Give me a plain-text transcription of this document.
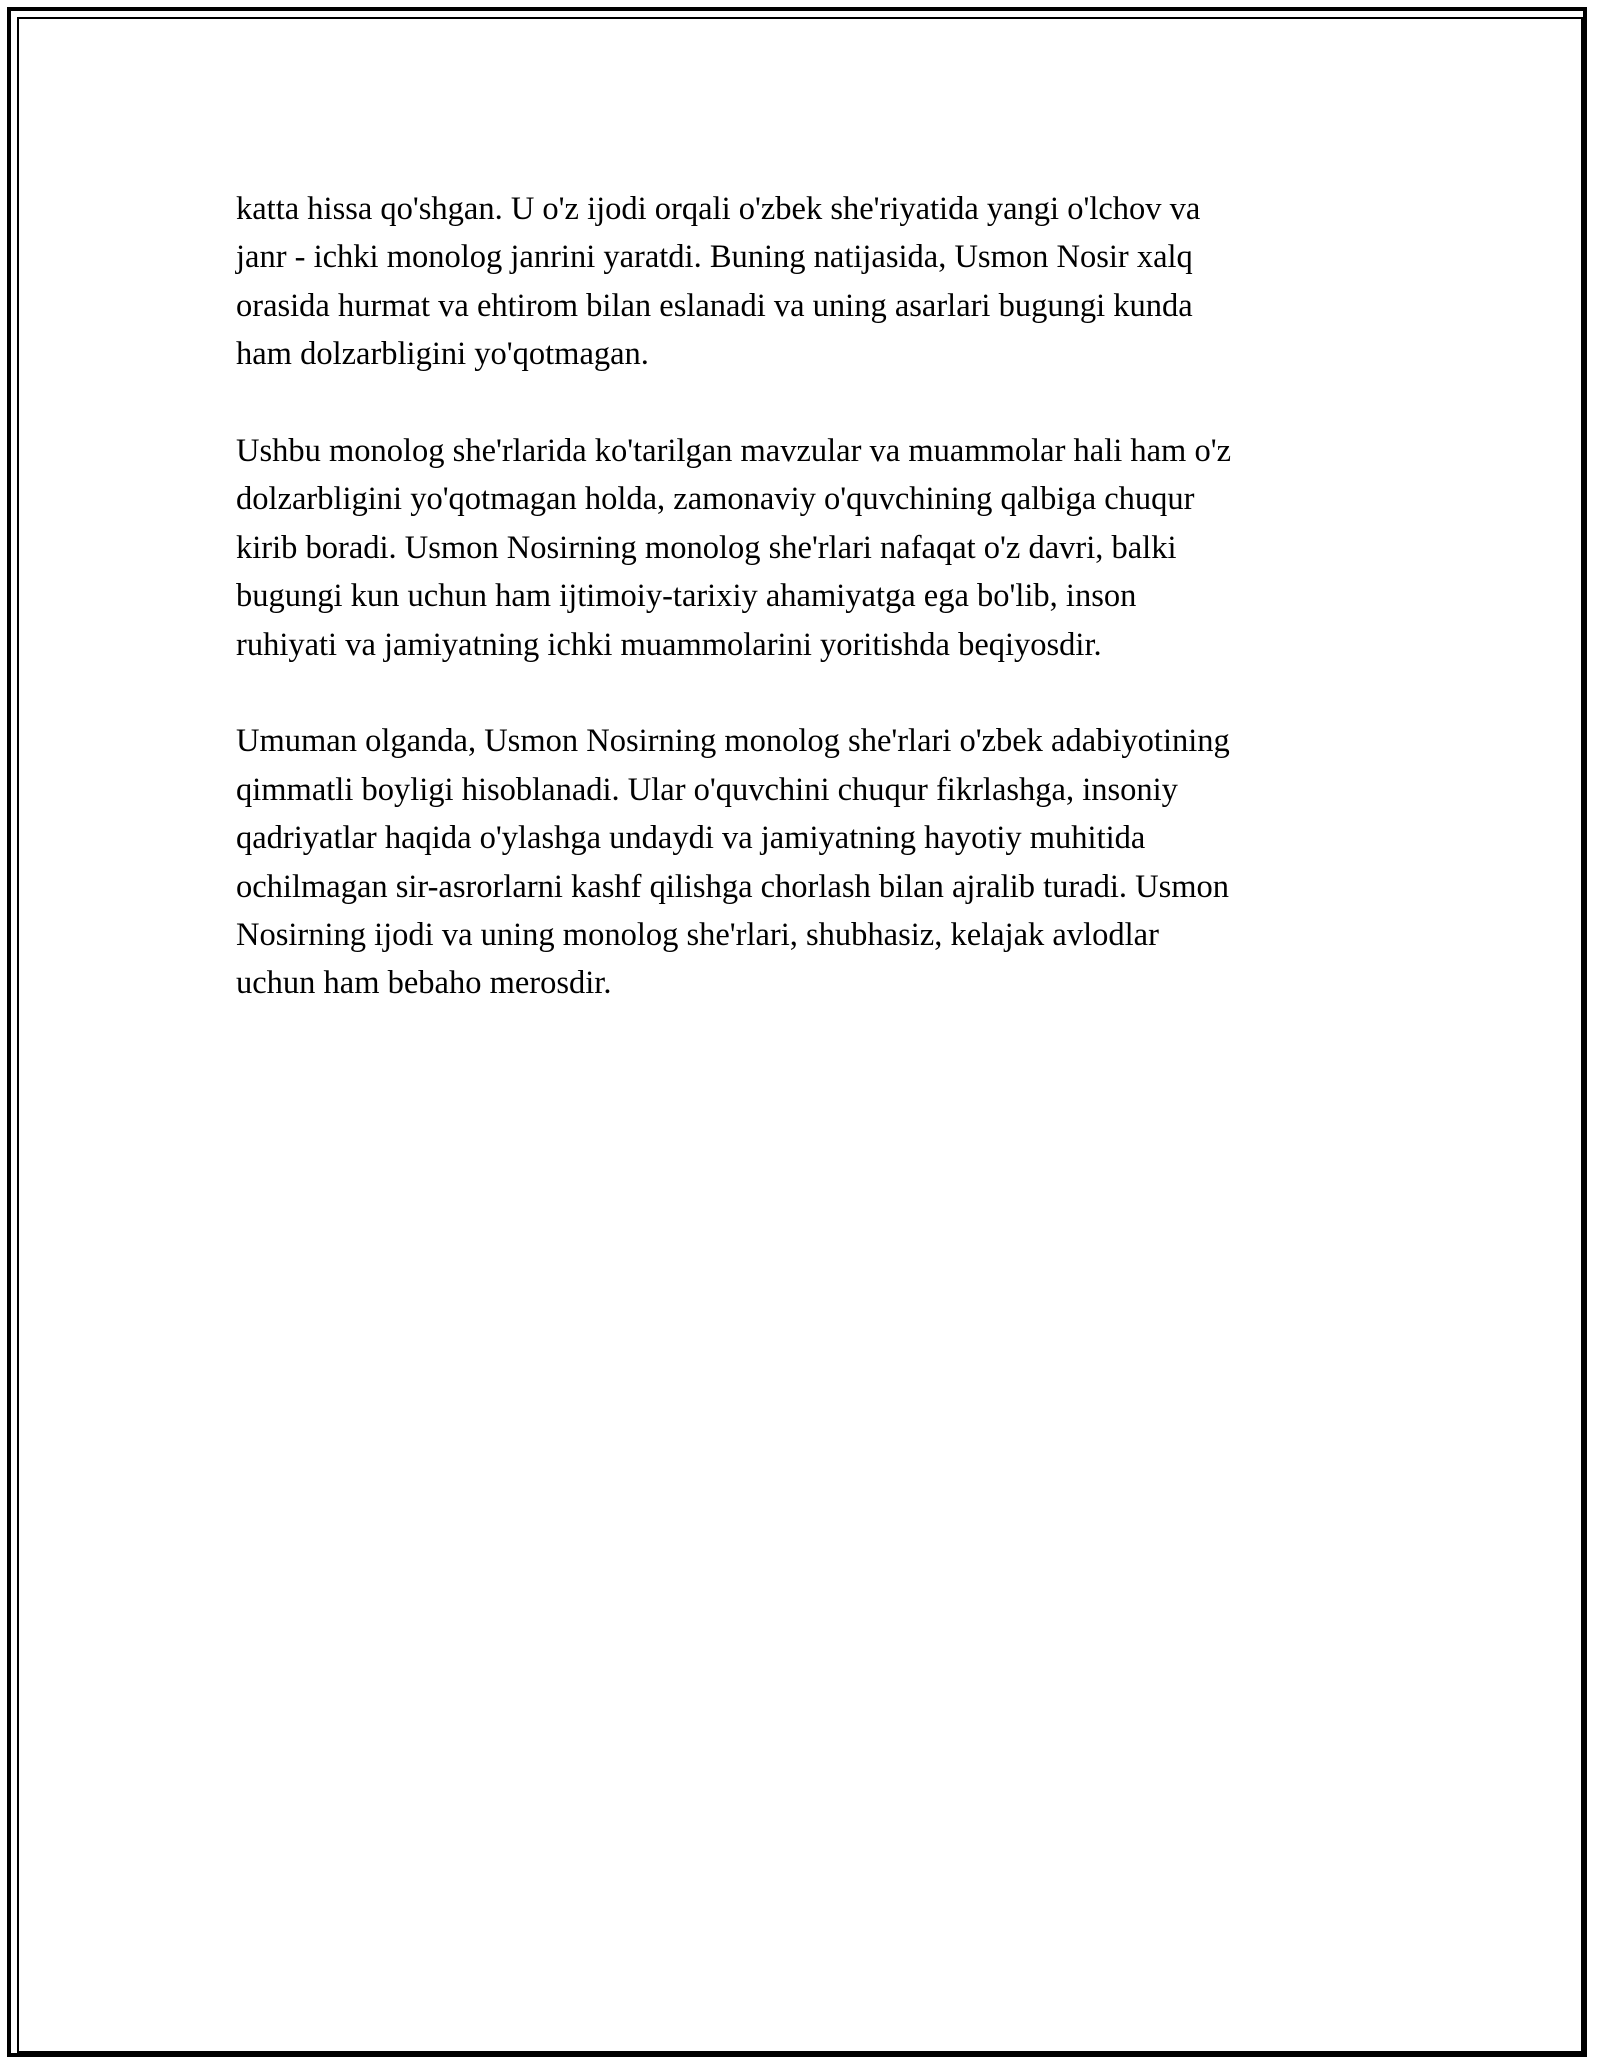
katta hissa qo'shgan. U o'z ijodi orqali o'zbek she'riyatida yangi o'lchov va
janr - ichki monolog janrini yaratdi. Buning natijasida, Usmon Nosir xalq
orasida hurmat va ehtirom bilan eslanadi va uning asarlari bugungi kunda
ham dolzarbligini yo'qotmagan.

Ushbu monolog she'rlarida ko'tarilgan mavzular va muammolar hali ham o'z
dolzarbligini yo'qotmagan holda, zamonaviy o'quvchining qalbiga chuqur
kirib boradi. Usmon Nosirning monolog she'rlari nafaqat o'z davri, balki
bugungi kun uchun ham ijtimoiy-tarixiy ahamiyatga ega bo'lib, inson
ruhiyati va jamiyatning ichki muammolarini yoritishda beqiyosdir.

Umuman olganda, Usmon Nosirning monolog she'rlari o'zbek adabiyotining
qimmatli boyligi hisoblanadi. Ular o'quvchini chuqur fikrlashga, insoniy
qadriyatlar haqida o'ylashga undaydi va jamiyatning hayotiy muhitida
ochilmagan sir-asrorlarni kashf qilishga chorlash bilan ajralib turadi. Usmon
Nosirning ijodi va uning monolog she'rlari, shubhasiz, kelajak avlodlar
uchun ham bebaho merosdir.
